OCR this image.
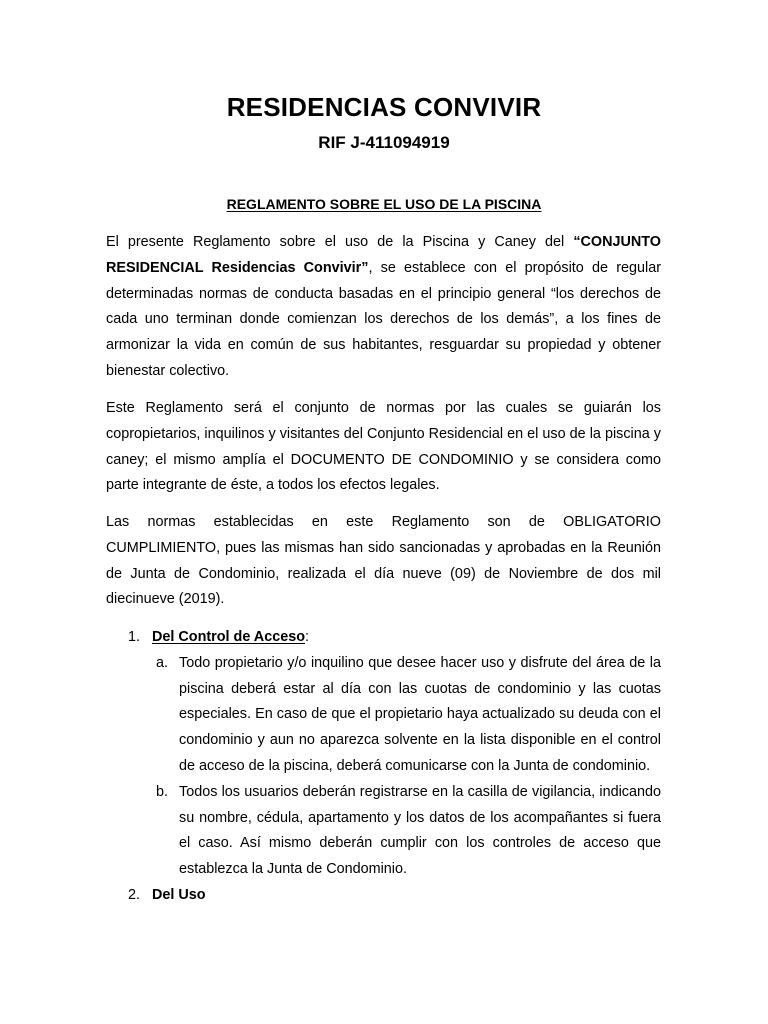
RESIDENCIAS CONVIVIR
RIF J-411094919
REGLAMENTO SOBRE EL USO DE LA PISCINA

El presente Reglamento sobre el uso de la Piscina y Caney del “CONJUNTO RESIDENCIAL Residencias Convivir”, se establece con el propósito de regular determinadas normas de conducta basadas en el principio general “los derechos de cada uno terminan donde comienzan los derechos de los demás”, a los fines de armonizar la vida en común de sus habitantes, resguardar su propiedad y obtener bienestar colectivo.

Este Reglamento será el conjunto de normas por las cuales se guiarán los copropietarios, inquilinos y visitantes del Conjunto Residencial en el uso de la piscina y caney; el mismo amplía el DOCUMENTO DE CONDOMINIO y se considera como parte integrante de éste, a todos los efectos legales.

Las normas establecidas en este Reglamento son de OBLIGATORIO CUMPLIMIENTO, pues las mismas han sido sancionadas y aprobadas en la Reunión de Junta de Condominio, realizada el día nueve (09) de Noviembre de dos mil diecinueve (2019).

1. Del Control de Acceso:
a. Todo propietario y/o inquilino que desee hacer uso y disfrute del área de la piscina deberá estar al día con las cuotas de condominio y las cuotas especiales. En caso de que el propietario haya actualizado su deuda con el condominio y aun no aparezca solvente en la lista disponible en el control de acceso de la piscina, deberá comunicarse con la Junta de condominio.
b. Todos los usuarios deberán registrarse en la casilla de vigilancia, indicando su nombre, cédula, apartamento y los datos de los acompañantes si fuera el caso. Así mismo deberán cumplir con los controles de acceso que establezca la Junta de Condominio.
2. Del Uso
